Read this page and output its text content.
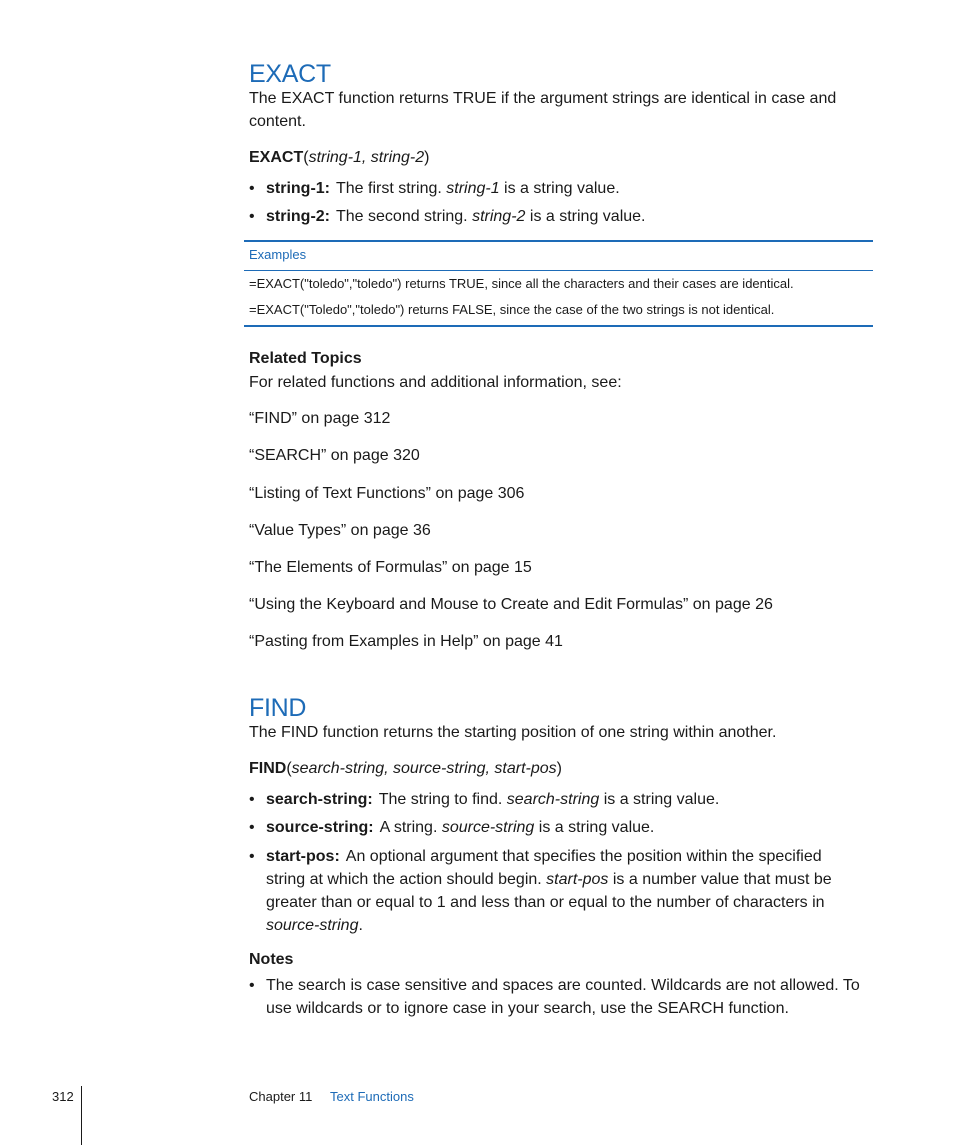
EXACT
The EXACT function returns TRUE if the argument strings are identical in case and content.
EXACT(string-1, string-2)
• string-1: The first string. string-1 is a string value.
• string-2: The second string. string-2 is a string value.
Examples
=EXACT("toledo","toledo") returns TRUE, since all the characters and their cases are identical.
=EXACT("Toledo","toledo") returns FALSE, since the case of the two strings is not identical.
Related Topics
For related functions and additional information, see:
“FIND” on page 312
“SEARCH” on page 320
“Listing of Text Functions” on page 306
“Value Types” on page 36
“The Elements of Formulas” on page 15
“Using the Keyboard and Mouse to Create and Edit Formulas” on page 26
“Pasting from Examples in Help” on page 41
FIND
The FIND function returns the starting position of one string within another.
FIND(search-string, source-string, start-pos)
• search-string: The string to find. search-string is a string value.
• source-string: A string. source-string is a string value.
• start-pos: An optional argument that specifies the position within the specified
string at which the action should begin. start-pos is a number value that must be
greater than or equal to 1 and less than or equal to the number of characters in
source-string.
Notes
• The search is case sensitive and spaces are counted. Wildcards are not allowed. To
use wildcards or to ignore case in your search, use the SEARCH function.
312	Chapter 11 Text Functions
